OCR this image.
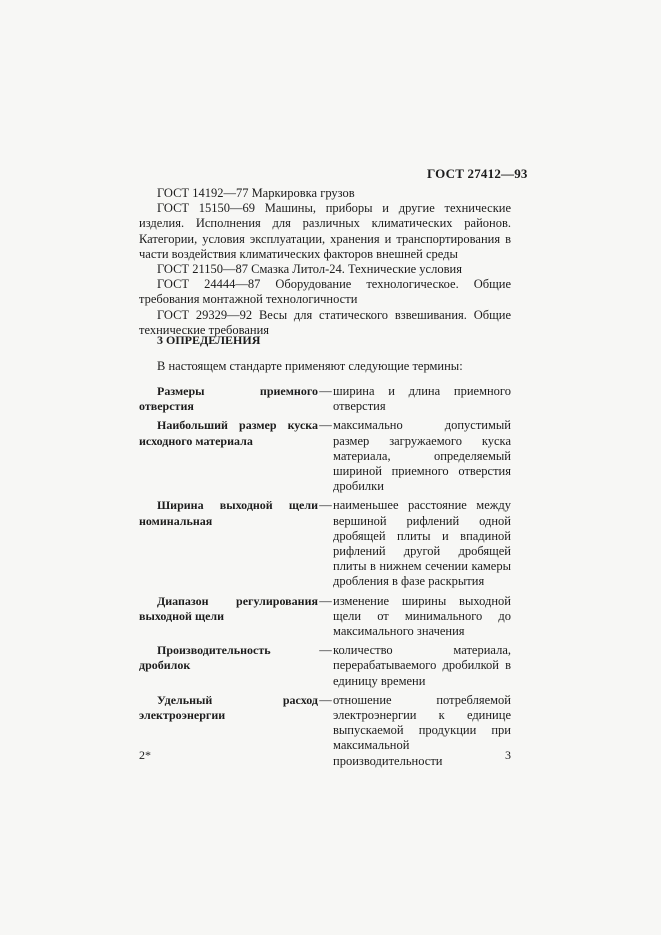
ГОСТ 27412—93

ГОСТ 14192—77 Маркировка грузов

ГОСТ 15150—69 Машины, приборы и другие технические изделия. Исполнения для различных климатических районов. Категории, условия эксплуатации, хранения и транспортирования в части воздействия климатических факторов внешней среды

ГОСТ 21150—87 Смазка Литол-24. Технические условия

ГОСТ 24444—87 Оборудование технологическое. Общие требования монтажной технологичности

ГОСТ 29329—92 Весы для статического взвешивания. Общие технические требования

3 ОПРЕДЕЛЕНИЯ
В настоящем стандарте применяют следующие термины:
Размеры приемного отверстия
— ширина и длина приемного отверстия
Наибольший размер куска исходного материала
— максимально допустимый размер загружаемого куска материала, определяемый шириной приемного отверстия дробилки
Ширина выходной щели номинальная
— наименьшее расстояние между вершиной рифлений одной дробящей плиты и впадиной рифлений другой дробящей плиты в нижнем сечении камеры дробления в фазе раскрытия
Диапазон регулирования выходной щели
— изменение ширины выходной щели от минимального до максимального значения
Производительность дробилок
— количество материала, перерабатываемого дробилкой в единицу времени
Удельный расход электроэнергии
— отношение потребляемой электроэнергии к единице выпускаемой продукции при максимальной производительности
2*	3
